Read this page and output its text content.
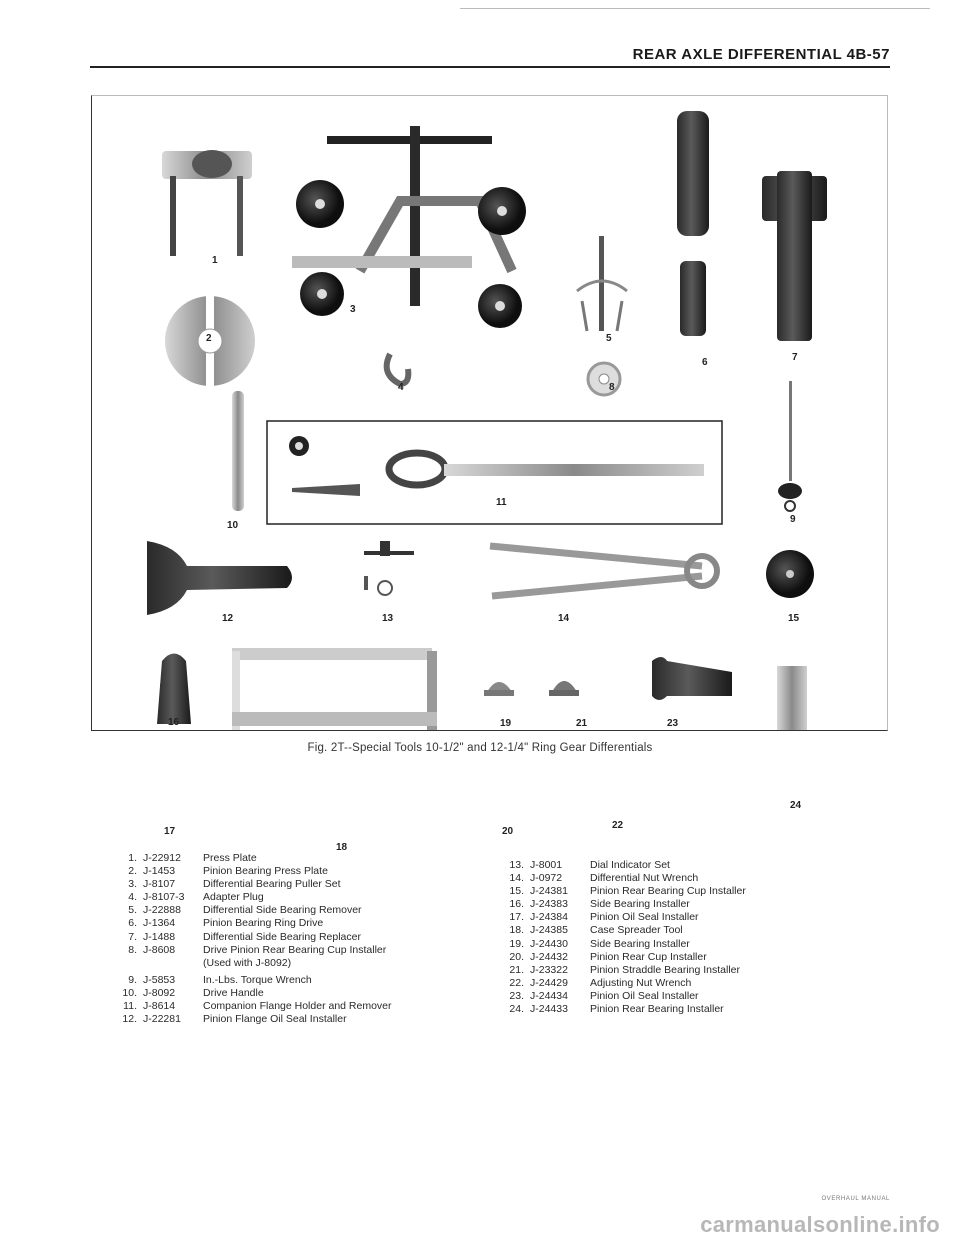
REAR AXLE DIFFERENTIAL 4B-57
1
2
3
4
5
6	7
8
9
10
11
12	13	14	15
16
17
18
19
20
21
22
23
24
1. J-22912	Press Plate
2. J-1453	Pinion Bearing Press Plate
3. J-8107	Differential Bearing Puller Set
4. J-8107-3	Adapter Plug
5. J-22888	Differential Side Bearing Remover
6. J-1364	Pinion Bearing Ring Drive
7. J-1488	Differential Side Bearing Replacer
8. J-8608	Drive Pinion Rear Bearing Cup Installer
(Used with J-8092)
9. J-5853	In.-Lbs. Torque Wrench
10. J-8092	Drive Handle
11. J-8614	Companion Flange Holder and Remover
12. J-22281	Pinion Flange Oil Seal Installer
13. J-8001	Dial Indicator Set
14. J-0972	Differential Nut Wrench
15. J-24381	Pinion Rear Bearing Cup Installer
16. J-24383	Side Bearing Installer
17. J-24384	Pinion Oil Seal Installer
18. J-24385	Case Spreader Tool
19. J-24430	Side Bearing Installer
20. J-24432	Pinion Rear Cup Installer
21. J-23322	Pinion Straddle Bearing Installer
22. J-24429	Adjusting Nut Wrench
23. J-24434	Pinion Oil Seal Installer
24. J-24433	Pinion Rear Bearing Installer
Fig. 2T--Special Tools 10-1/2" and 12-1/4" Ring Gear Differentials
OVERHAUL MANUAL
carmanualsonline.info
